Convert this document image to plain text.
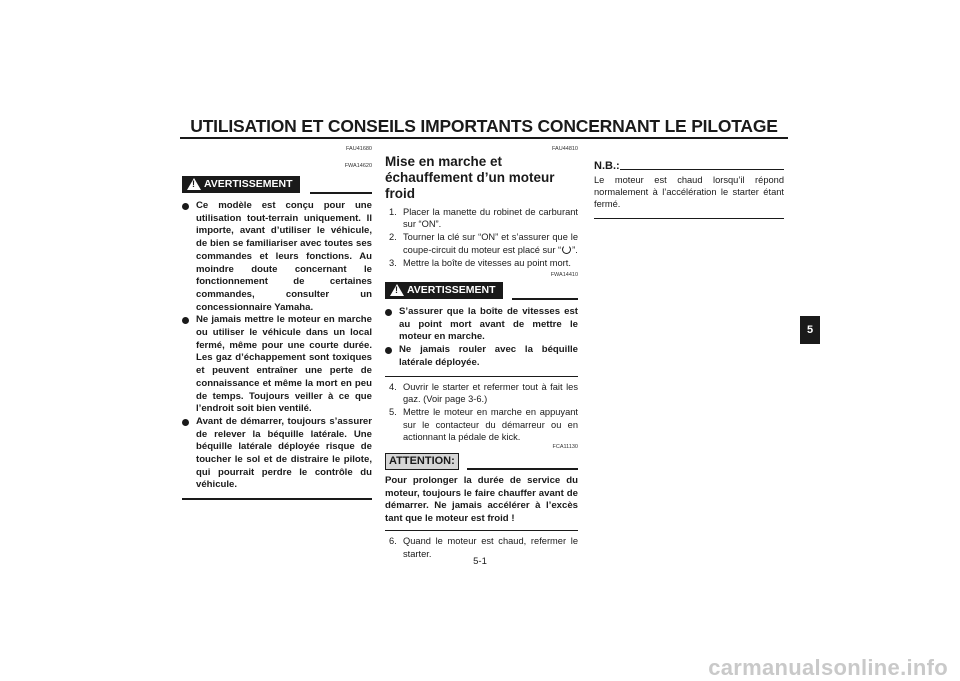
UTILISATION ET CONSEILS IMPORTANTS CONCERNANT LE PILOTAGE
FAU41680
FWA14620
!
AVERTISSEMENT
Ce modèle est conçu pour une utilisation tout-terrain uniquement. Il importe, avant d’utiliser le véhicule, de bien se familiariser avec toutes ses commandes et leurs fonctions. Au moindre doute concernant le fonctionnement de certaines commandes, consulter un concessionnaire Yamaha.
Ne jamais mettre le moteur en marche ou utiliser le véhicule dans un local fermé, même pour une courte durée. Les gaz d’échappement sont toxiques et peuvent entraîner une perte de connaissance et même la mort en peu de temps. Toujours veiller à ce que l’endroit soit bien ventilé.
Avant de démarrer, toujours s’assurer de relever la béquille latérale. Une béquille latérale déployée risque de toucher le sol et de distraire le pilote, qui pourrait perdre le contrôle du véhicule.
FAU44810
Mise en marche et échauffement d’un moteur froid
1. Placer la manette du robinet de carburant sur “ON”.
2. Tourner la clé sur “ON” et s’assurer que le coupe-circuit du moteur est placé sur “ ”.
3. Mettre la boîte de vitesses au point mort.
FWA14410
!
AVERTISSEMENT
S’assurer que la boîte de vitesses est au point mort avant de mettre le moteur en marche.
Ne jamais rouler avec la béquille latérale déployée.
4. Ouvrir le starter et refermer tout à fait les gaz. (Voir page 3-6.)
5. Mettre le moteur en marche en appuyant sur le contacteur du démarreur ou en actionnant la pédale de kick.
FCA11130
ATTENTION:
Pour prolonger la durée de service du moteur, toujours le faire chauffer avant de démarrer. Ne jamais accélérer à l’excès tant que le moteur est froid !
6. Quand le moteur est chaud, refermer le starter.
N.B.:
Le moteur est chaud lorsqu’il répond normalement à l’accélération le starter étant fermé.
5
5-1
carmanualsonline.info
